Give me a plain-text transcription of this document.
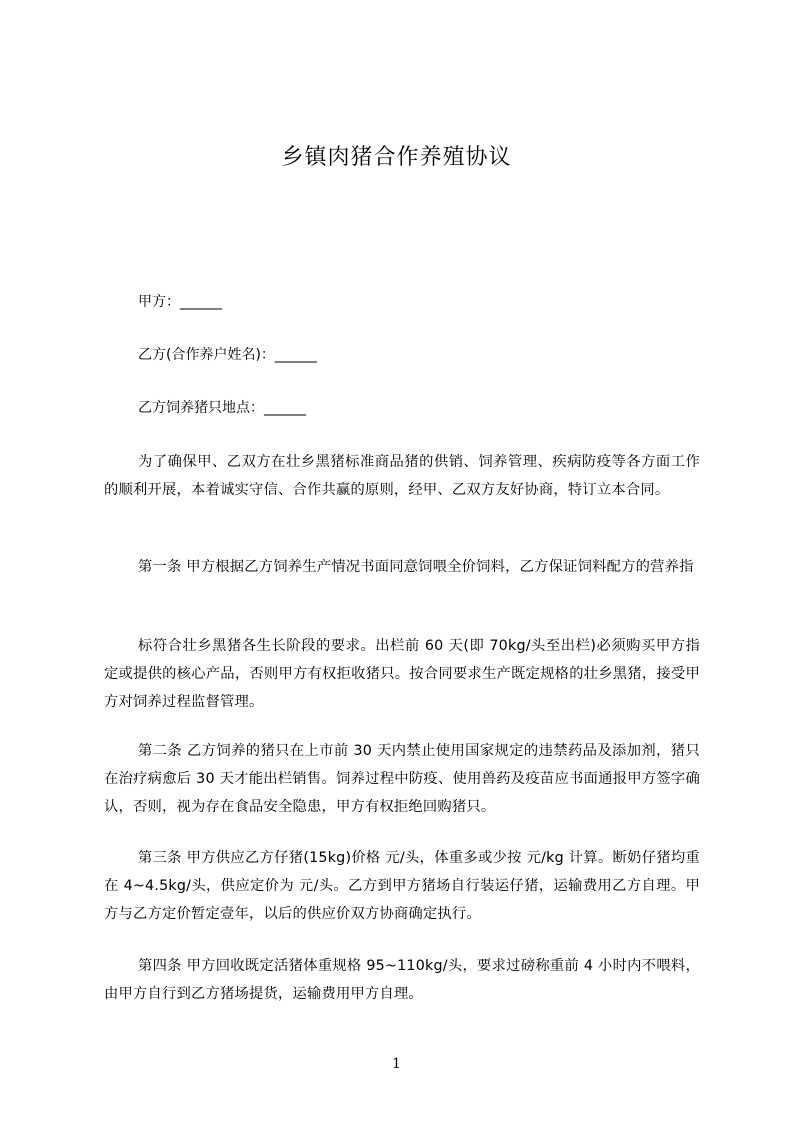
乡镇肉猪合作养殖协议
甲方：______
乙方(合作养户姓名)：______
乙方饲养猪只地点：______
为了确保甲、乙双方在壮乡黑猪标准商品猪的供销、饲养管理、疾病防疫等各方面工作的顺利开展，本着诚实守信、合作共赢的原则，经甲、乙双方友好协商，特订立本合同。
第一条 甲方根据乙方饲养生产情况书面同意饲喂全价饲料，乙方保证饲料配方的营养指
标符合壮乡黑猪各生长阶段的要求。出栏前 60 天(即 70kg/头至出栏)必须购买甲方指定或提供的核心产品，否则甲方有权拒收猪只。按合同要求生产既定规格的壮乡黑猪，接受甲方对饲养过程监督管理。
第二条 乙方饲养的猪只在上市前 30 天内禁止使用国家规定的违禁药品及添加剂，猪只在治疗病愈后 30 天才能出栏销售。饲养过程中防疫、使用兽药及疫苗应书面通报甲方签字确认，否则，视为存在食品安全隐患，甲方有权拒绝回购猪只。
第三条 甲方供应乙方仔猪(15kg)价格 元/头，体重多或少按 元/kg 计算。断奶仔猪均重在 4~4.5kg/头，供应定价为 元/头。乙方到甲方猪场自行装运仔猪，运输费用乙方自理。甲方与乙方定价暂定壹年，以后的供应价双方协商确定执行。
第四条 甲方回收既定活猪体重规格 95~110kg/头，要求过磅称重前 4 小时内不喂料，由甲方自行到乙方猪场提货，运输费用甲方自理。
1
